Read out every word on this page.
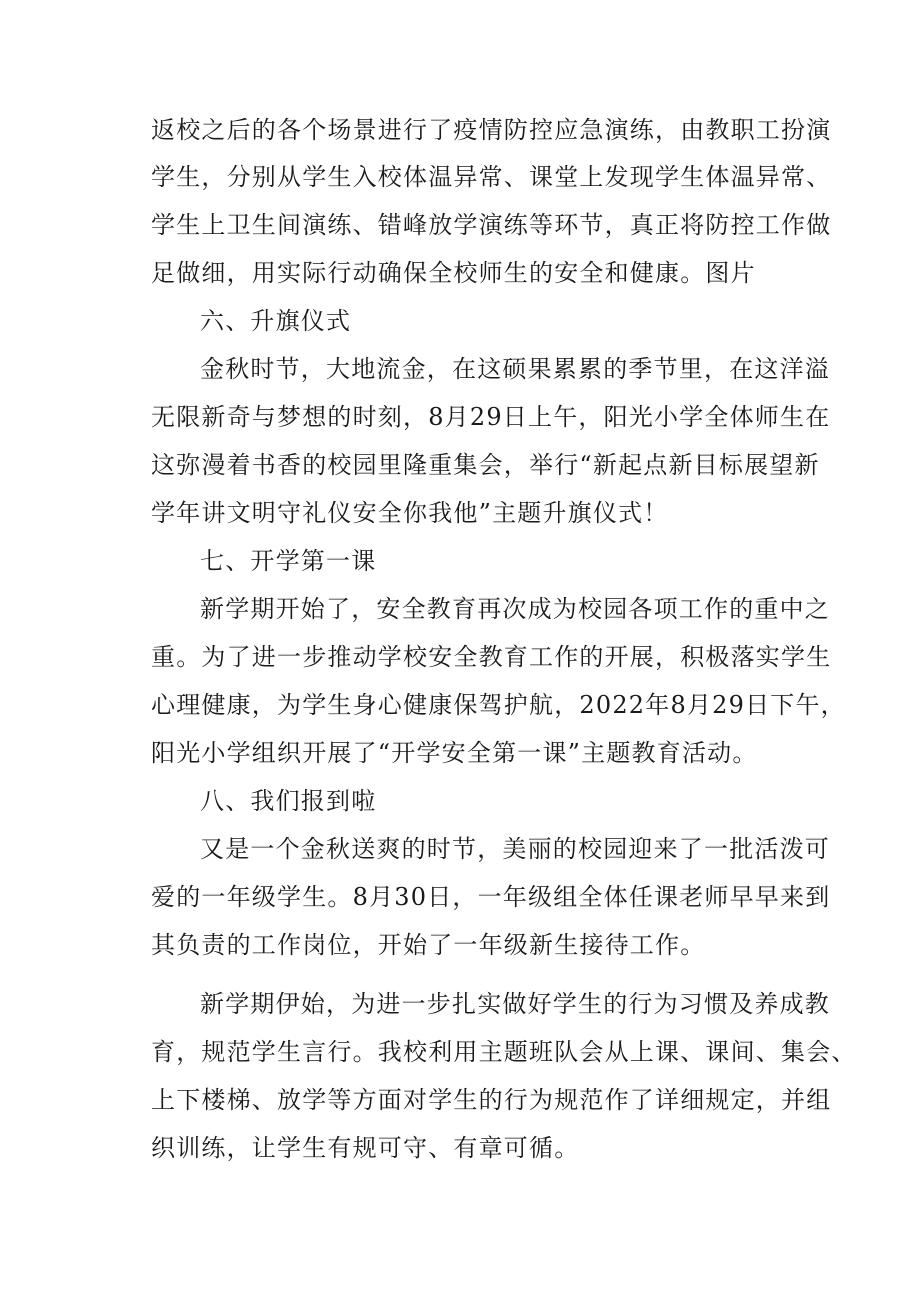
返校之后的各个场景进行了疫情防控应急演练，由教职工扮演
学生，分别从学生入校体温异常、课堂上发现学生体温异常、
学生上卫生间演练、错峰放学演练等环节，真正将防控工作做
足做细，用实际行动确保全校师生的安全和健康。图片
六、升旗仪式
金秋时节，大地流金，在这硕果累累的季节里，在这洋溢
无限新奇与梦想的时刻，8月29日上午，阳光小学全体师生在
这弥漫着书香的校园里隆重集会，举行“新起点新目标展望新
学年讲文明守礼仪安全你我他”主题升旗仪式！
七、开学第一课
新学期开始了，安全教育再次成为校园各项工作的重中之
重。为了进一步推动学校安全教育工作的开展，积极落实学生
心理健康，为学生身心健康保驾护航，2022年8月29日下午，
阳光小学组织开展了“开学安全第一课”主题教育活动。
八、我们报到啦
又是一个金秋送爽的时节，美丽的校园迎来了一批活泼可
爱的一年级学生。8月30日，一年级组全体任课老师早早来到
其负责的工作岗位，开始了一年级新生接待工作。
新学期伊始，为进一步扎实做好学生的行为习惯及养成教
育，规范学生言行。我校利用主题班队会从上课、课间、集会、
上下楼梯、放学等方面对学生的行为规范作了详细规定，并组
织训练，让学生有规可守、有章可循。
